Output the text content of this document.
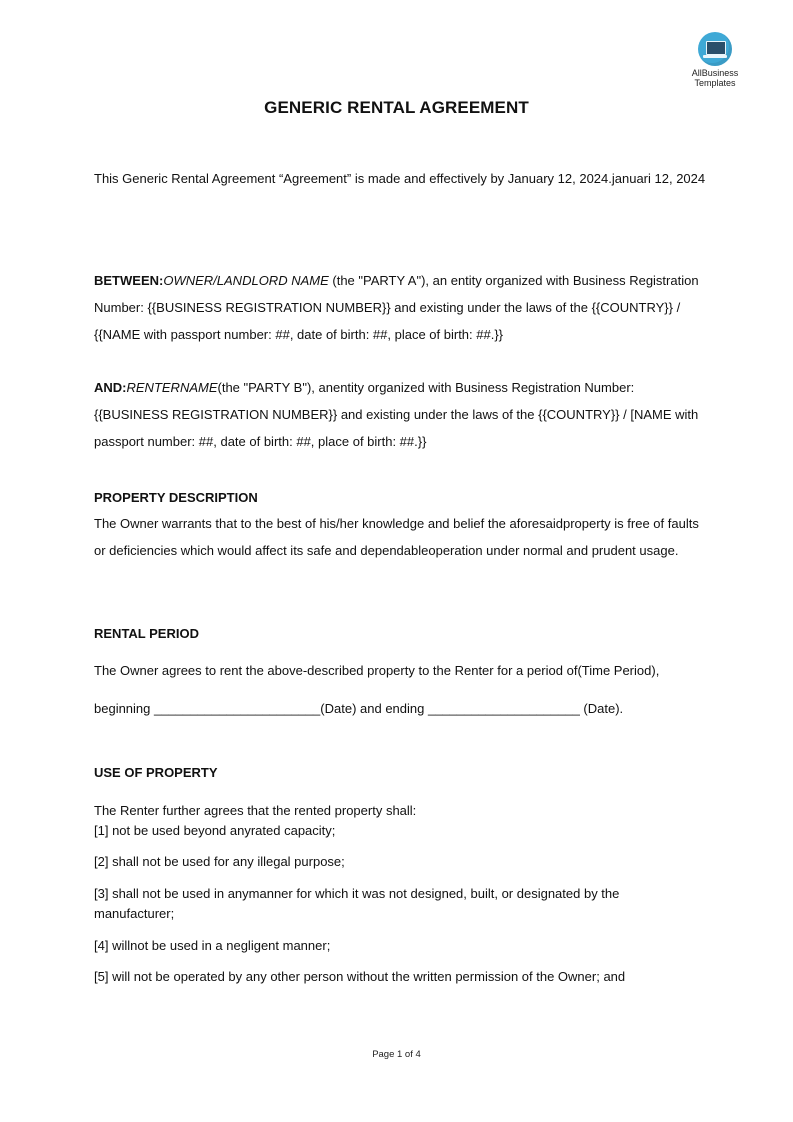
AllBusiness
Templates
GENERIC RENTAL AGREEMENT
This Generic Rental Agreement “Agreement” is made and effectively by January 12, 2024.januari 12, 2024
BETWEEN:OWNER/LANDLORD NAME (the "PARTY A"), an entity organized with Business Registration Number: {{BUSINESS REGISTRATION NUMBER}} and existing under the laws of the {{COUNTRY}} / {{NAME with passport number: ##, date of birth: ##, place of birth: ##.}}
AND:RENTERNAME(the "PARTY B"), anentity organized with Business Registration Number: {{BUSINESS REGISTRATION NUMBER}} and existing under the laws of the {{COUNTRY}} / [NAME with passport number: ##, date of birth: ##, place of birth: ##.}}
PROPERTY DESCRIPTION
The Owner warrants that to the best of his/her knowledge and belief the aforesaidproperty is free of faults or deficiencies which would affect its safe and dependableoperation under normal and prudent usage.
RENTAL PERIOD
The Owner agrees to rent the above-described property to the Renter for a period of(Time Period),
beginning _______________________(Date) and ending _____________________ (Date).
USE OF PROPERTY
The Renter further agrees that the rented property shall:
[1] not be used beyond anyrated capacity;
[2] shall not be used for any illegal purpose;
[3] shall not be used in anymanner for which it was not designed, built, or designated by the manufacturer;
[4] willnot be used in a negligent manner;
[5] will not be operated by any other person without the written permission of the Owner; and
Page 1 of 4
